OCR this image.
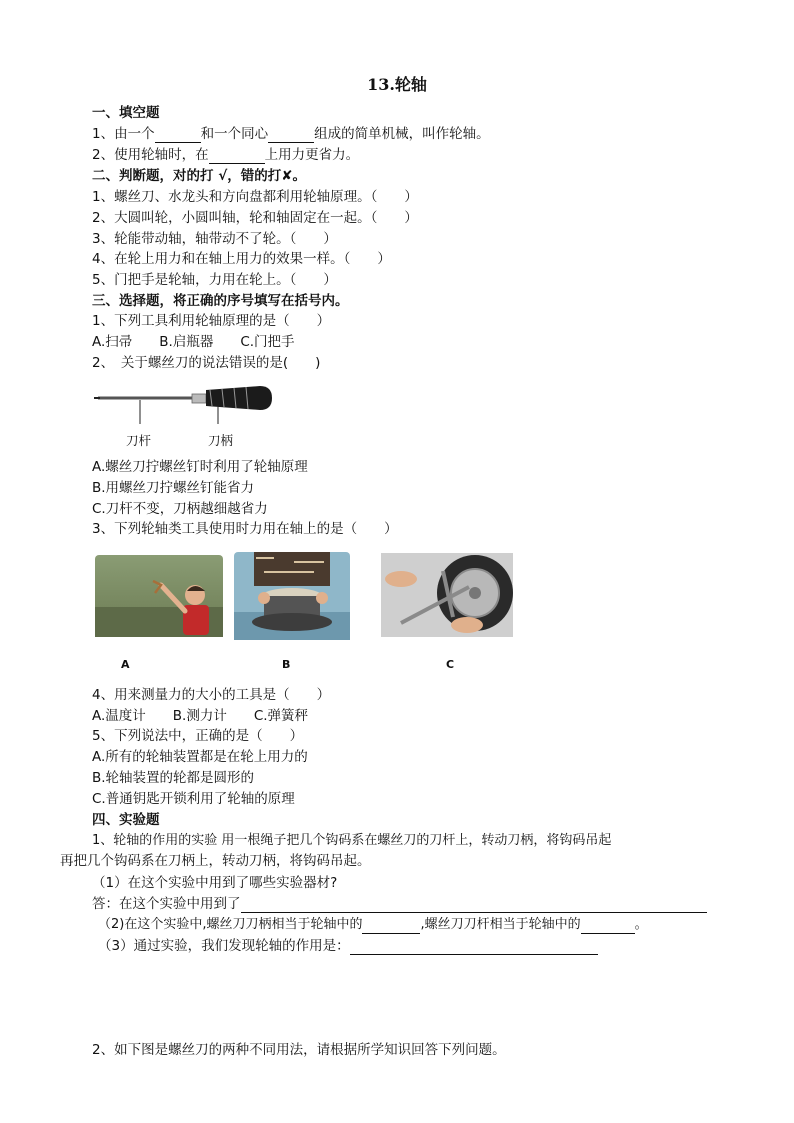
13.轮轴
一、填空题
1、由一个	和一个同心	组成的简单机械，叫作轮轴。
2、使用轮轴时，在	上用力更省力。
二、判断题，对的打 √，错的打✘。
1、螺丝刀、水龙头和方向盘都利用轮轴原理。（　　）
2、大圆叫轮，小圆叫轴，轮和轴固定在一起。（　　）
3、轮能带动轴，轴带动不了轮。（　　）
4、在轮上用力和在轴上用力的效果一样。（　　）
5、门把手是轮轴，力用在轮上。（　　）
三、选择题，将正确的序号填写在括号内。
1、下列工具利用轮轴原理的是（　　）
A.扫帚　　B.启瓶器　　C.门把手
2、　关于螺丝刀的说法错误的是(　　)
刀杆	刀柄
A.螺丝刀拧螺丝钉时利用了轮轴原理
B.用螺丝刀拧螺丝钉能省力
C.刀杆不变，刀柄越细越省力
3、下列轮轴类工具使用时力用在轴上的是（　　）
A	B	C
4、用来测量力的大小的工具是（　　）
A.温度计　　B.测力计　　C.弹簧秤
5、下列说法中，正确的是（　　）
A.所有的轮轴装置都是在轮上用力的
B.轮轴装置的轮都是圆形的
C.普通钥匙开锁利用了轮轴的原理
四、实验题
1、轮轴的作用的实验 用一根绳子把几个钩码系在螺丝刀的刀杆上，转动刀柄，将钩码吊起
再把几个钩码系在刀柄上，转动刀柄，将钩码吊起。
（1）在这个实验中用到了哪些实验器材?
答：在这个实验中用到了
（2)在这个实验中,螺丝刀刀柄相当于轮轴中的	,螺丝刀刀杆相当于轮轴中的	。
（3）通过实验，我们发现轮轴的作用是：
2、如下图是螺丝刀的两种不同用法，请根据所学知识回答下列问题。
